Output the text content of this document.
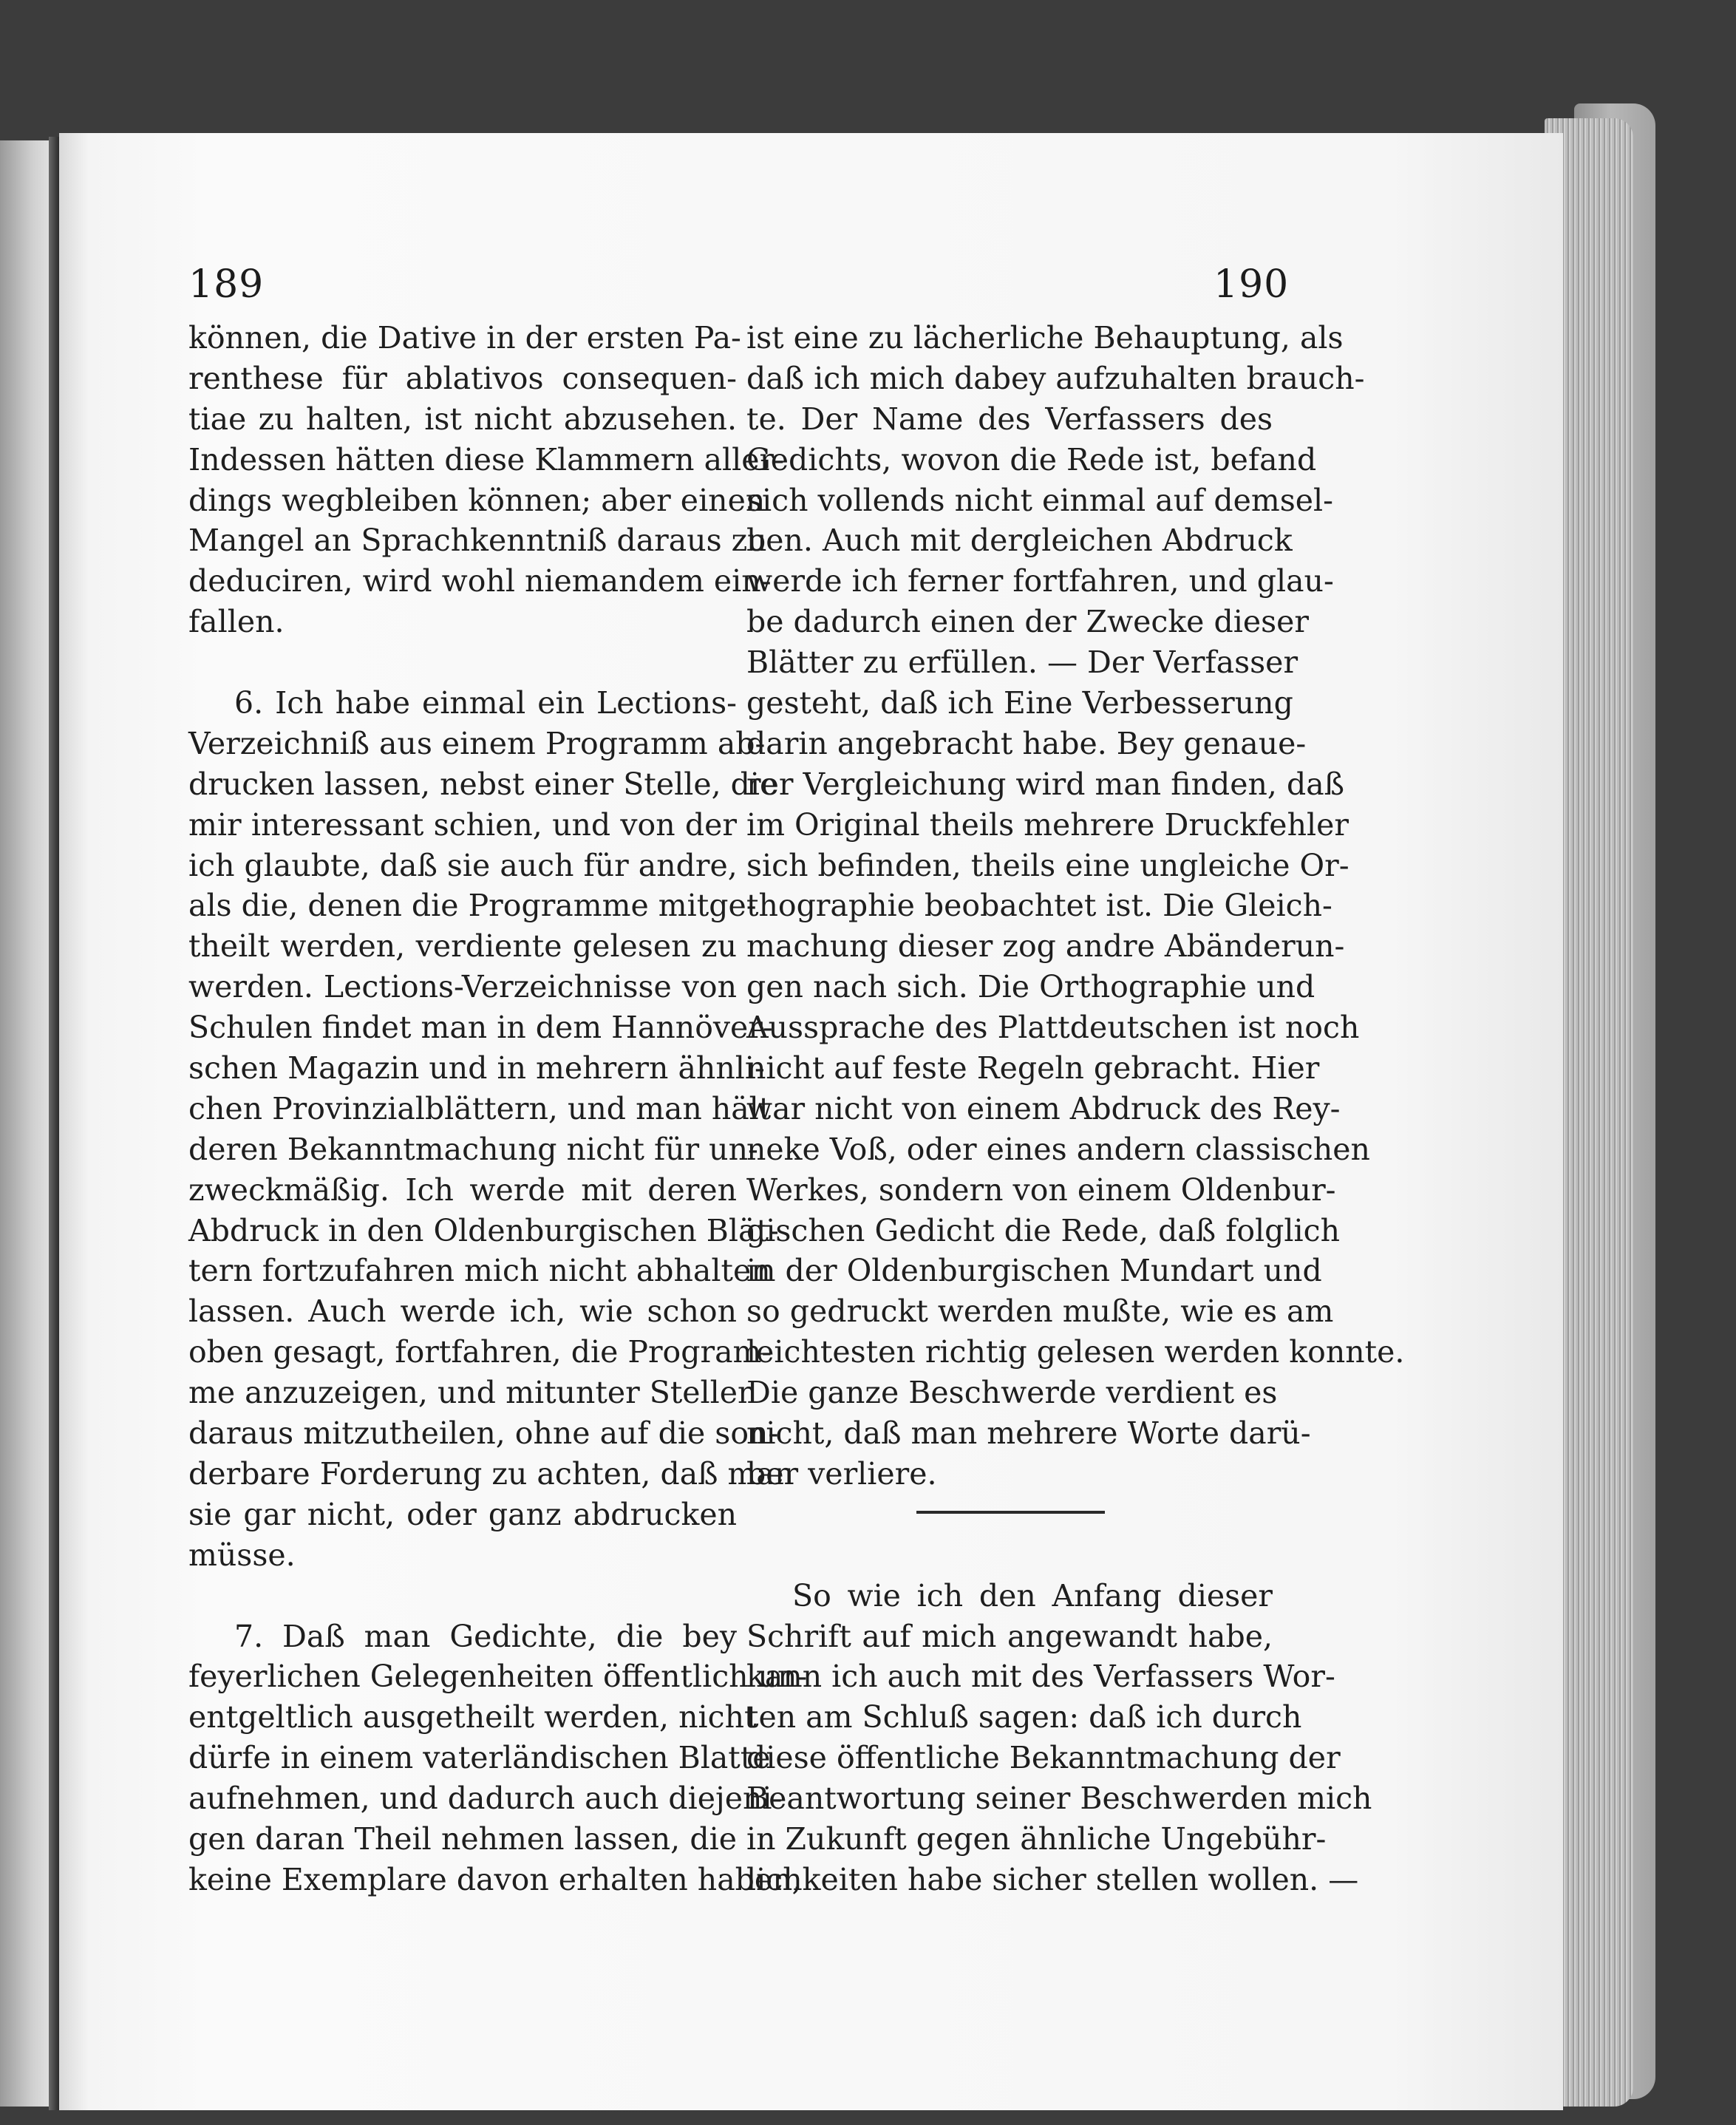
189	190
können, die Dative in der ersten Pa-
renthese für ablativos consequen-
tiae zu halten, ist nicht abzusehen.
Indessen hätten diese Klammern aller-
dings wegbleiben können; aber einen
Mangel an Sprachkenntniß daraus zu
deduciren, wird wohl niemandem ein-
fallen.
6. Ich habe einmal ein Lections-
Verzeichniß aus einem Programm ab-
drucken lassen, nebst einer Stelle, die
mir interessant schien, und von der
ich glaubte, daß sie auch für andre,
als die, denen die Programme mitge-
theilt werden, verdiente gelesen zu
werden. Lections-Verzeichnisse von
Schulen findet man in dem Hannöver-
schen Magazin und in mehrern ähnli-
chen Provinzialblättern, und man hält
deren Bekanntmachung nicht für un-
zweckmäßig. Ich werde mit deren
Abdruck in den Oldenburgischen Blät-
tern fortzufahren mich nicht abhalten
lassen. Auch werde ich, wie schon
oben gesagt, fortfahren, die Program-
me anzuzeigen, und mitunter Stellen
daraus mitzutheilen, ohne auf die son-
derbare Forderung zu achten, daß man
sie gar nicht, oder ganz abdrucken
müsse.
7. Daß man Gedichte, die bey
feyerlichen Gelegenheiten öffentlich un-
entgeltlich ausgetheilt werden, nicht
dürfe in einem vaterländischen Blatte
aufnehmen, und dadurch auch diejeni-
gen daran Theil nehmen lassen, die
keine Exemplare davon erhalten haben,
ist eine zu lächerliche Behauptung, als
daß ich mich dabey aufzuhalten brauch-
te. Der Name des Verfassers des
Gedichts, wovon die Rede ist, befand
sich vollends nicht einmal auf demsel-
ben. Auch mit dergleichen Abdruck
werde ich ferner fortfahren, und glau-
be dadurch einen der Zwecke dieser
Blätter zu erfüllen. — Der Verfasser
gesteht, daß ich Eine Verbesserung
darin angebracht habe. Bey genaue-
rer Vergleichung wird man finden, daß
im Original theils mehrere Druckfehler
sich befinden, theils eine ungleiche Or-
thographie beobachtet ist. Die Gleich-
machung dieser zog andre Abänderun-
gen nach sich. Die Orthographie und
Aussprache des Plattdeutschen ist noch
nicht auf feste Regeln gebracht. Hier
war nicht von einem Abdruck des Rey-
neke Voß, oder eines andern classischen
Werkes, sondern von einem Oldenbur-
gischen Gedicht die Rede, daß folglich
in der Oldenburgischen Mundart und
so gedruckt werden mußte, wie es am
leichtesten richtig gelesen werden konnte.
Die ganze Beschwerde verdient es
nicht, daß man mehrere Worte darü-
ber verliere.
So wie ich den Anfang dieser
Schrift auf mich angewandt habe,
kann ich auch mit des Verfassers Wor-
ten am Schluß sagen: daß ich durch
diese öffentliche Bekanntmachung der
Beantwortung seiner Beschwerden mich
in Zukunft gegen ähnliche Ungebühr-
lichkeiten habe sicher stellen wollen. —
